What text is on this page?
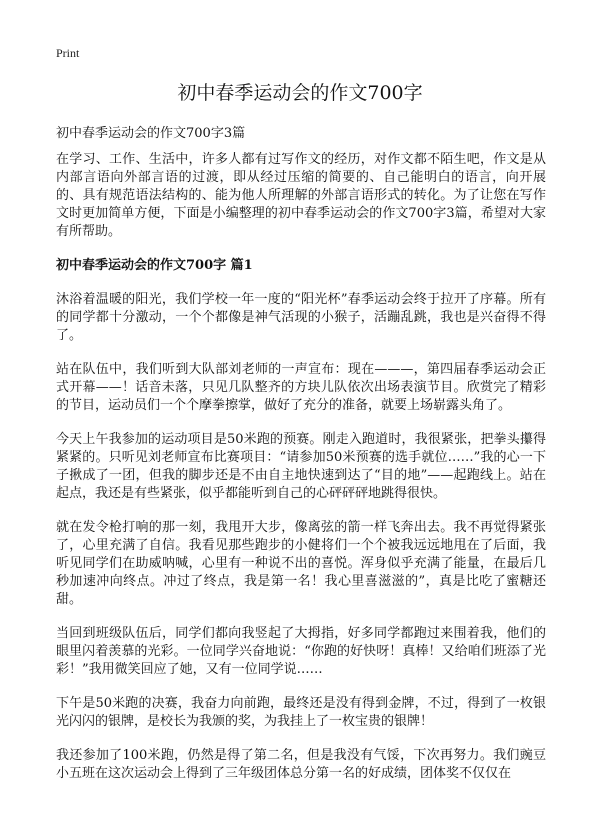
Print
初中春季运动会的作文700字

初中春季运动会的作文700字3篇

在学习、工作、生活中，许多人都有过写作文的经历，对作文都不陌生吧，作文是从内部言语向外部言语的过渡，即从经过压缩的简要的、自己能明白的语言，向开展的、具有规范语法结构的、能为他人所理解的外部言语形式的转化。为了让您在写作文时更加简单方便，下面是小编整理的初中春季运动会的作文700字3篇，希望对大家有所帮助。

初中春季运动会的作文700字 篇1

沐浴着温暖的阳光，我们学校一年一度的“阳光杯”春季运动会终于拉开了序幕。所有的同学都十分激动，一个个都像是神气活现的小猴子，活蹦乱跳，我也是兴奋得不得了。

站在队伍中，我们听到大队部刘老师的一声宣布：现在———，第四届春季运动会正式开幕——！话音未落，只见几队整齐的方块儿队依次出场表演节目。欣赏完了精彩的节目，运动员们一个个摩拳擦掌，做好了充分的准备，就要上场崭露头角了。

今天上午我参加的运动项目是50米跑的预赛。刚走入跑道时，我很紧张，把拳头攥得紧紧的。只听见刘老师宣布比赛项目：“请参加50米预赛的选手就位……”我的心一下子揪成了一团，但我的脚步还是不由自主地快速到达了“目的地”——起跑线上。站在起点，我还是有些紧张，似乎都能听到自己的心砰砰砰地跳得很快。

就在发令枪打响的那一刻，我甩开大步，像离弦的箭一样飞奔出去。我不再觉得紧张了，心里充满了自信。我看见那些跑步的小健将们一个个被我远远地甩在了后面，我听见同学们在助威呐喊，心里有一种说不出的喜悦。浑身似乎充满了能量，在最后几秒加速冲向终点。冲过了终点，我是第一名！我心里喜滋滋的”，真是比吃了蜜糖还甜。

当回到班级队伍后，同学们都向我竖起了大拇指，好多同学都跑过来围着我，他们的眼里闪着羡慕的光彩。一位同学兴奋地说：“你跑的好快呀！真棒！又给咱们班添了光彩！”我用微笑回应了她，又有一位同学说……

下午是50米跑的决赛，我奋力向前跑，最终还是没有得到金牌，不过，得到了一枚银光闪闪的银牌，是校长为我颁的奖，为我挂上了一枚宝贵的银牌！

我还参加了100米跑，仍然是得了第二名，但是我没有气馁，下次再努力。我们豌豆小五班在这次运动会上得到了三年级团体总分第一名的好成绩，团体奖不仅仅在
